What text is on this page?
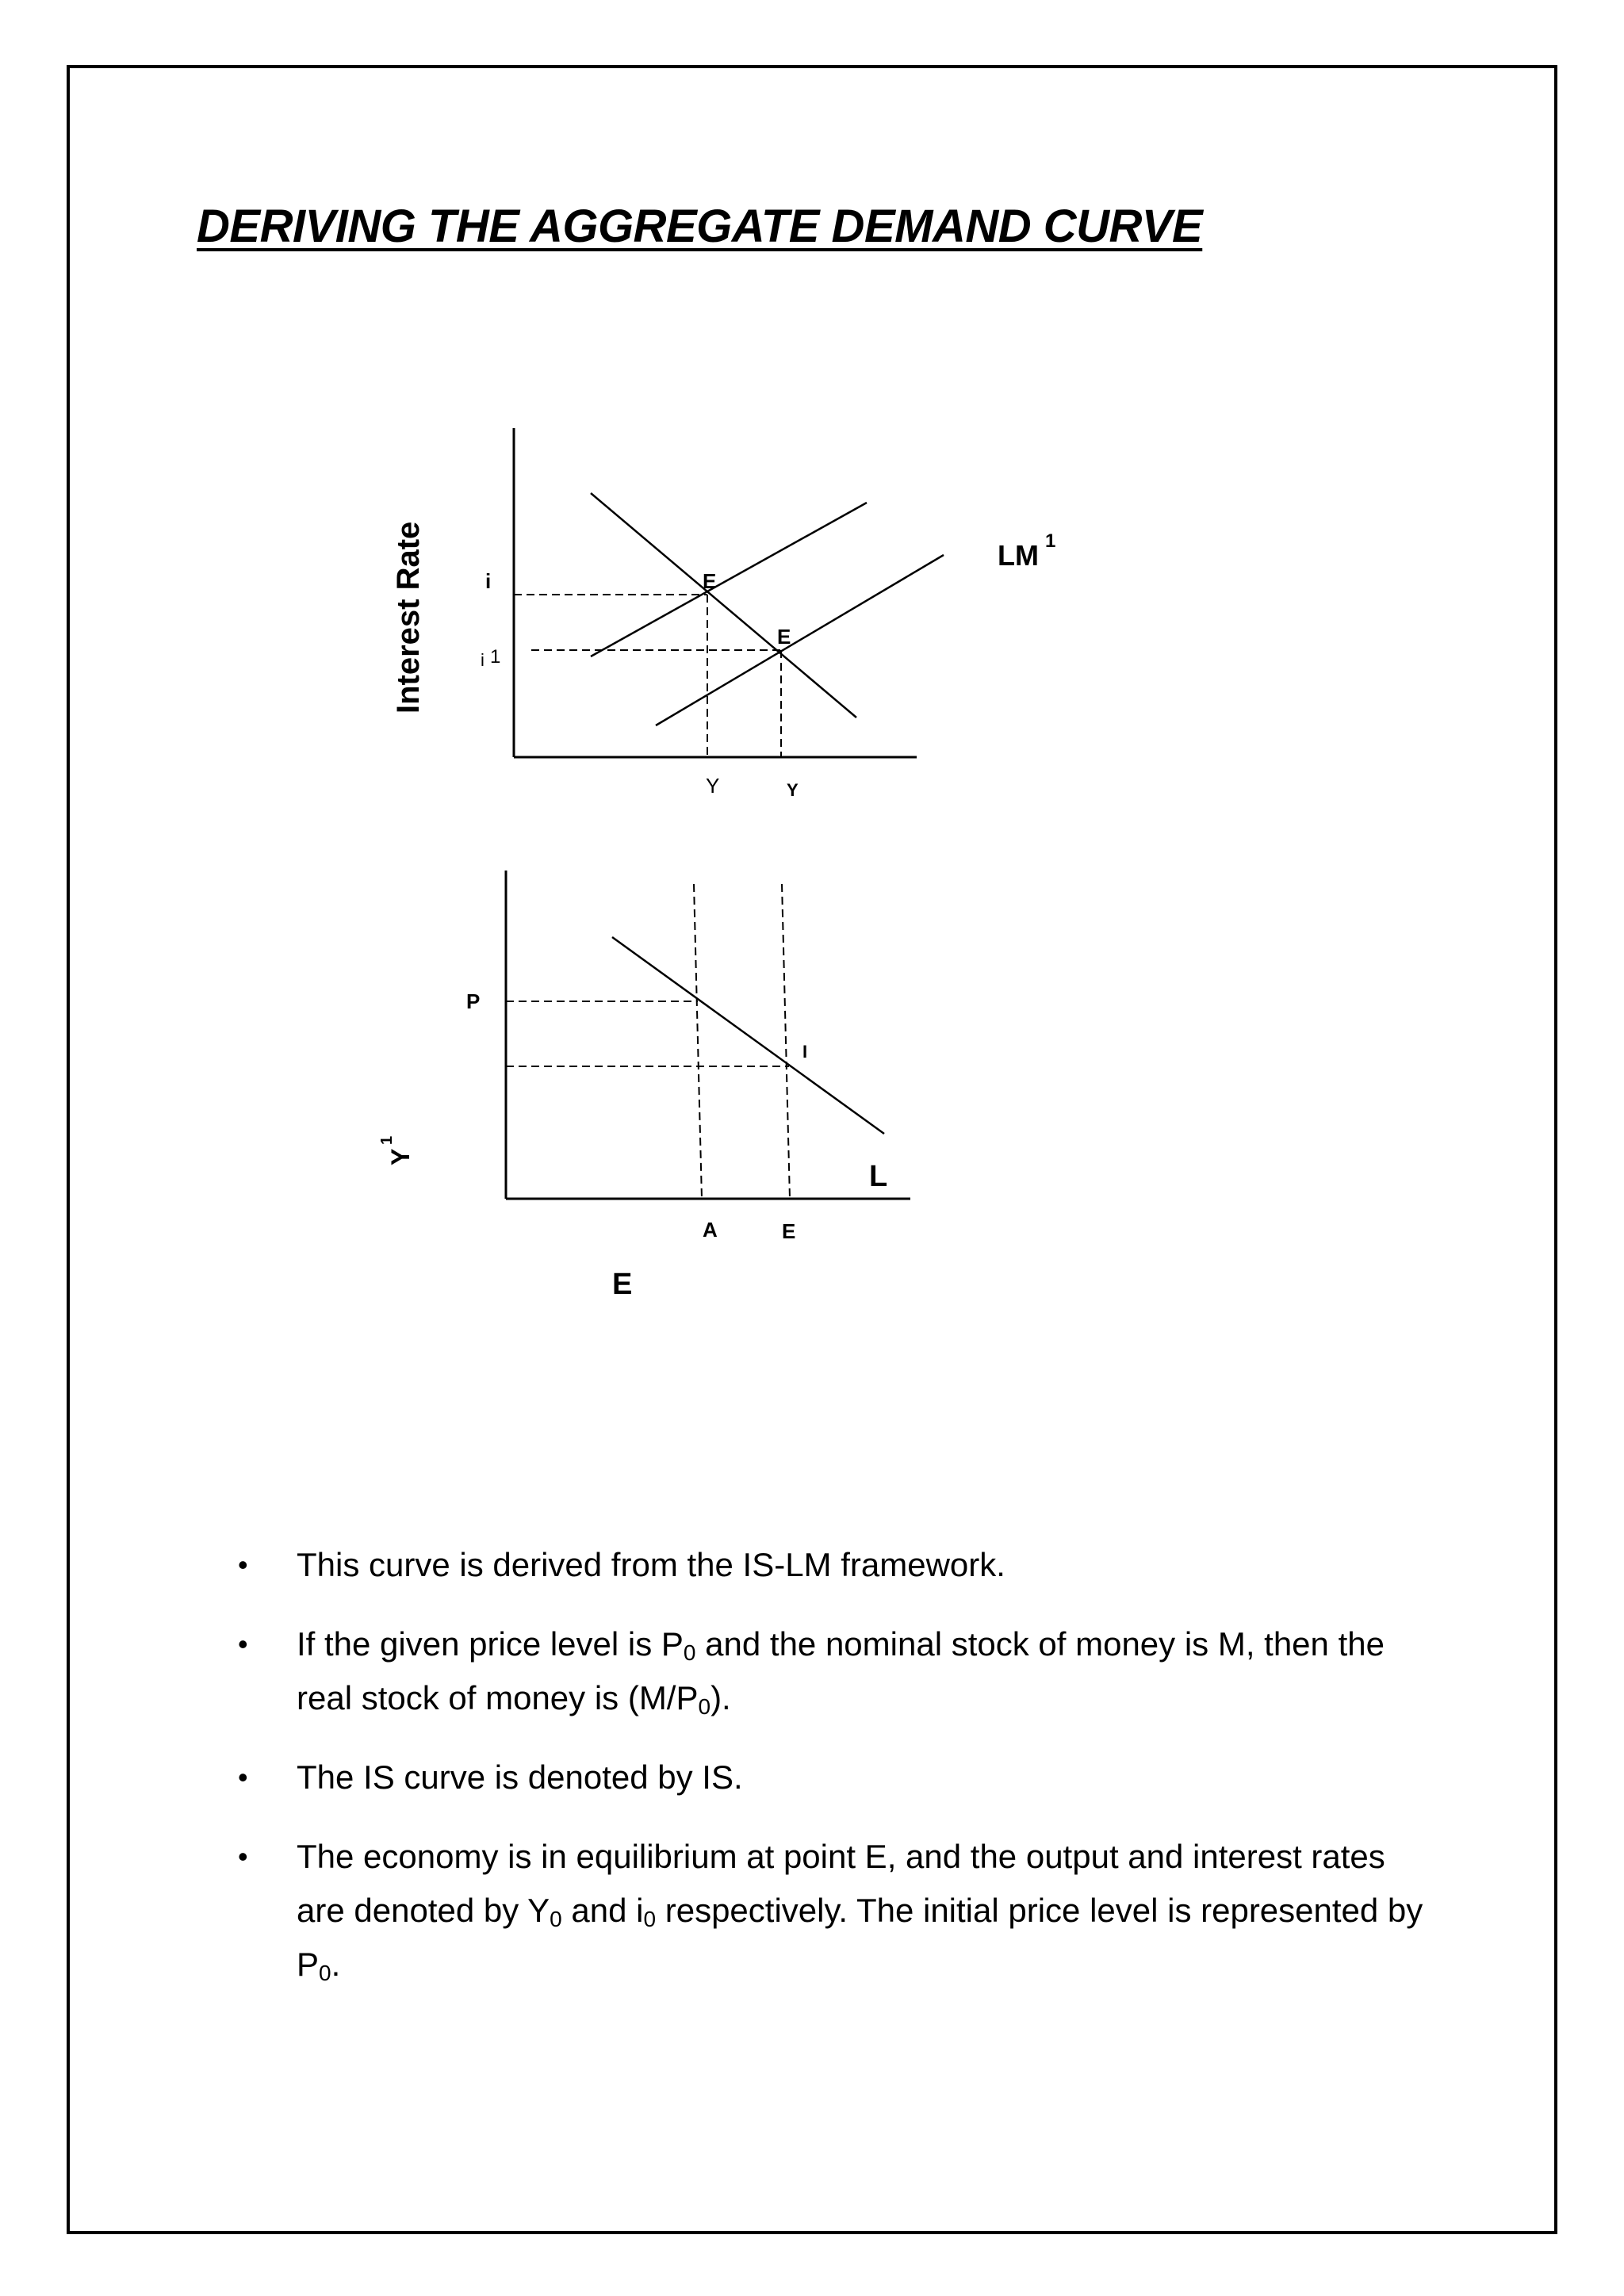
DERIVING THE AGGREGATE DEMAND CURVE
Interest Rate	LM 1
i
i 1
E
E
Y	Y
P
I
Y
1
L
A	E
E
• This curve is derived from the IS-LM framework.
• If the given price level is $P_0$ and the nominal stock of money is M, then the real stock of money is $(M/P_0)$.
• The IS curve is denoted by IS.
• The economy is in equilibrium at point E, and the output and interest rates are denoted by $Y_0$ and $i_0$ respectively. The initial price level is represented by $P_0$.
